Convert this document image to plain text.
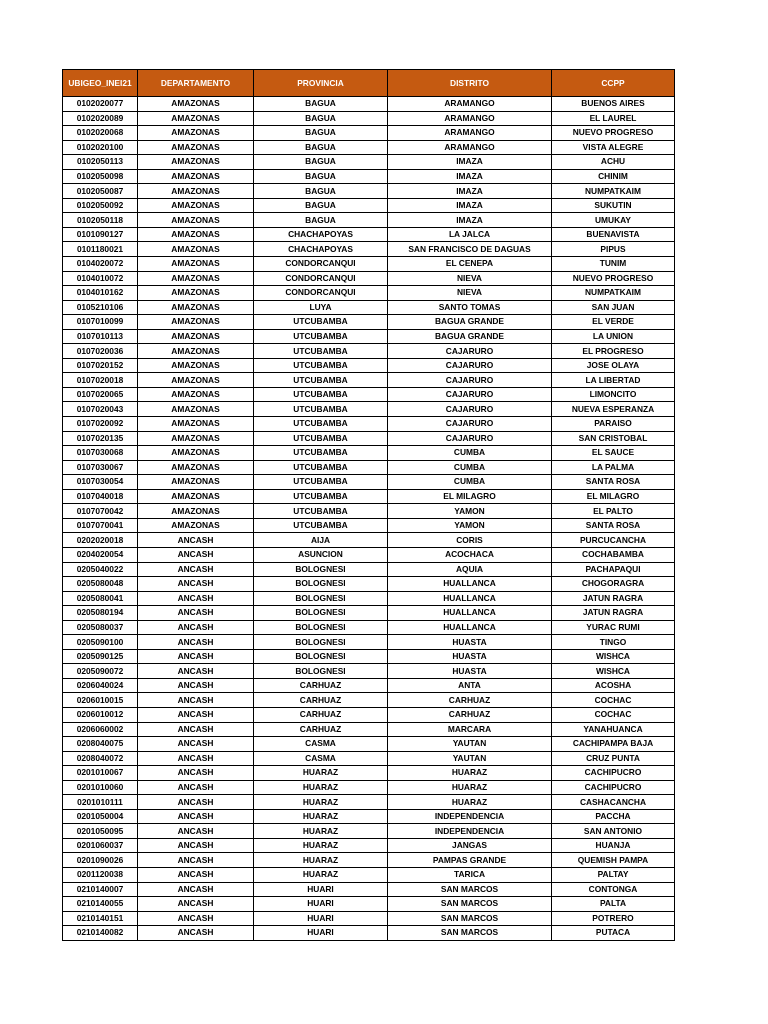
UBIGEO_INEI21	DEPARTAMENTO	PROVINCIA	DISTRITO	CCPP
0102020077	AMAZONAS	BAGUA	ARAMANGO	BUENOS AIRES
0102020089	AMAZONAS	BAGUA	ARAMANGO	EL LAUREL
0102020068	AMAZONAS	BAGUA	ARAMANGO	NUEVO PROGRESO
0102020100	AMAZONAS	BAGUA	ARAMANGO	VISTA ALEGRE
0102050113	AMAZONAS	BAGUA	IMAZA	ACHU
0102050098	AMAZONAS	BAGUA	IMAZA	CHINIM
0102050087	AMAZONAS	BAGUA	IMAZA	NUMPATKAIM
0102050092	AMAZONAS	BAGUA	IMAZA	SUKUTIN
0102050118	AMAZONAS	BAGUA	IMAZA	UMUKAY
0101090127	AMAZONAS	CHACHAPOYAS	LA JALCA	BUENAVISTA
0101180021	AMAZONAS	CHACHAPOYAS	SAN FRANCISCO DE DAGUAS	PIPUS
0104020072	AMAZONAS	CONDORCANQUI	EL CENEPA	TUNIM
0104010072	AMAZONAS	CONDORCANQUI	NIEVA	NUEVO PROGRESO
0104010162	AMAZONAS	CONDORCANQUI	NIEVA	NUMPATKAIM
0105210106	AMAZONAS	LUYA	SANTO TOMAS	SAN JUAN
0107010099	AMAZONAS	UTCUBAMBA	BAGUA GRANDE	EL VERDE
0107010113	AMAZONAS	UTCUBAMBA	BAGUA GRANDE	LA UNION
0107020036	AMAZONAS	UTCUBAMBA	CAJARURO	EL PROGRESO
0107020152	AMAZONAS	UTCUBAMBA	CAJARURO	JOSE OLAYA
0107020018	AMAZONAS	UTCUBAMBA	CAJARURO	LA LIBERTAD
0107020065	AMAZONAS	UTCUBAMBA	CAJARURO	LIMONCITO
0107020043	AMAZONAS	UTCUBAMBA	CAJARURO	NUEVA ESPERANZA
0107020092	AMAZONAS	UTCUBAMBA	CAJARURO	PARAISO
0107020135	AMAZONAS	UTCUBAMBA	CAJARURO	SAN CRISTOBAL
0107030068	AMAZONAS	UTCUBAMBA	CUMBA	EL SAUCE
0107030067	AMAZONAS	UTCUBAMBA	CUMBA	LA PALMA
0107030054	AMAZONAS	UTCUBAMBA	CUMBA	SANTA ROSA
0107040018	AMAZONAS	UTCUBAMBA	EL MILAGRO	EL MILAGRO
0107070042	AMAZONAS	UTCUBAMBA	YAMON	EL PALTO
0107070041	AMAZONAS	UTCUBAMBA	YAMON	SANTA ROSA
0202020018	ANCASH	AIJA	CORIS	PURCUCANCHA
0204020054	ANCASH	ASUNCION	ACOCHACA	COCHABAMBA
0205040022	ANCASH	BOLOGNESI	AQUIA	PACHAPAQUI
0205080048	ANCASH	BOLOGNESI	HUALLANCA	CHOGORAGRA
0205080041	ANCASH	BOLOGNESI	HUALLANCA	JATUN RAGRA
0205080194	ANCASH	BOLOGNESI	HUALLANCA	JATUN RAGRA
0205080037	ANCASH	BOLOGNESI	HUALLANCA	YURAC RUMI
0205090100	ANCASH	BOLOGNESI	HUASTA	TINGO
0205090125	ANCASH	BOLOGNESI	HUASTA	WISHCA
0205090072	ANCASH	BOLOGNESI	HUASTA	WISHCA
0206040024	ANCASH	CARHUAZ	ANTA	ACOSHA
0206010015	ANCASH	CARHUAZ	CARHUAZ	COCHAC
0206010012	ANCASH	CARHUAZ	CARHUAZ	COCHAC
0206060002	ANCASH	CARHUAZ	MARCARA	YANAHUANCA
0208040075	ANCASH	CASMA	YAUTAN	CACHIPAMPA BAJA
0208040072	ANCASH	CASMA	YAUTAN	CRUZ PUNTA
0201010067	ANCASH	HUARAZ	HUARAZ	CACHIPUCRO
0201010060	ANCASH	HUARAZ	HUARAZ	CACHIPUCRO
0201010111	ANCASH	HUARAZ	HUARAZ	CASHACANCHA
0201050004	ANCASH	HUARAZ	INDEPENDENCIA	PACCHA
0201050095	ANCASH	HUARAZ	INDEPENDENCIA	SAN ANTONIO
0201060037	ANCASH	HUARAZ	JANGAS	HUANJA
0201090026	ANCASH	HUARAZ	PAMPAS GRANDE	QUEMISH PAMPA
0201120038	ANCASH	HUARAZ	TARICA	PALTAY
0210140007	ANCASH	HUARI	SAN MARCOS	CONTONGA
0210140055	ANCASH	HUARI	SAN MARCOS	PALTA
0210140151	ANCASH	HUARI	SAN MARCOS	POTRERO
0210140082	ANCASH	HUARI	SAN MARCOS	PUTACA
